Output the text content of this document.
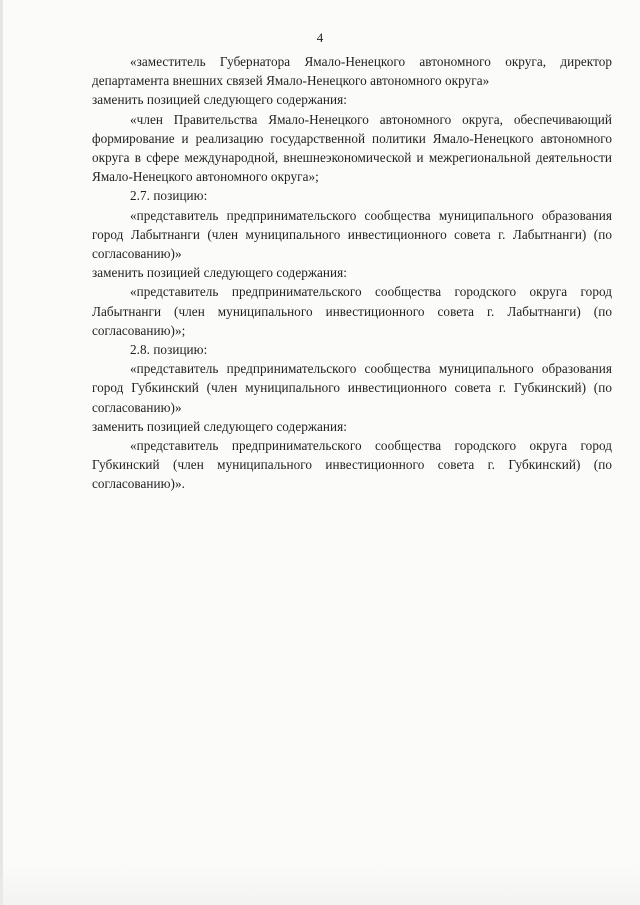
4

«заместитель Губернатора Ямало-Ненецкого автономного округа, директор департамента внешних связей Ямало-Ненецкого автономного округа»

заменить позицией следующего содержания:

«член Правительства Ямало-Ненецкого автономного округа, обеспечивающий формирование и реализацию государственной политики Ямало-Ненецкого автономного округа в сфере международной, внешнеэкономической и межрегиональной деятельности Ямало-Ненецкого автономного округа»;

2.7. позицию:

«представитель предпринимательского сообщества муниципального образования город Лабытнанги (член муниципального инвестиционного совета г. Лабытнанги) (по согласованию)»

заменить позицией следующего содержания:

«представитель предпринимательского сообщества городского округа город Лабытнанги (член муниципального инвестиционного совета г. Лабытнанги) (по согласованию)»;

2.8. позицию:

«представитель предпринимательского сообщества муниципального образования город Губкинский (член муниципального инвестиционного совета г. Губкинский) (по согласованию)»

заменить позицией следующего содержания:

«представитель предпринимательского сообщества городского округа город Губкинский (член муниципального инвестиционного совета г. Губкинский) (по согласованию)».
